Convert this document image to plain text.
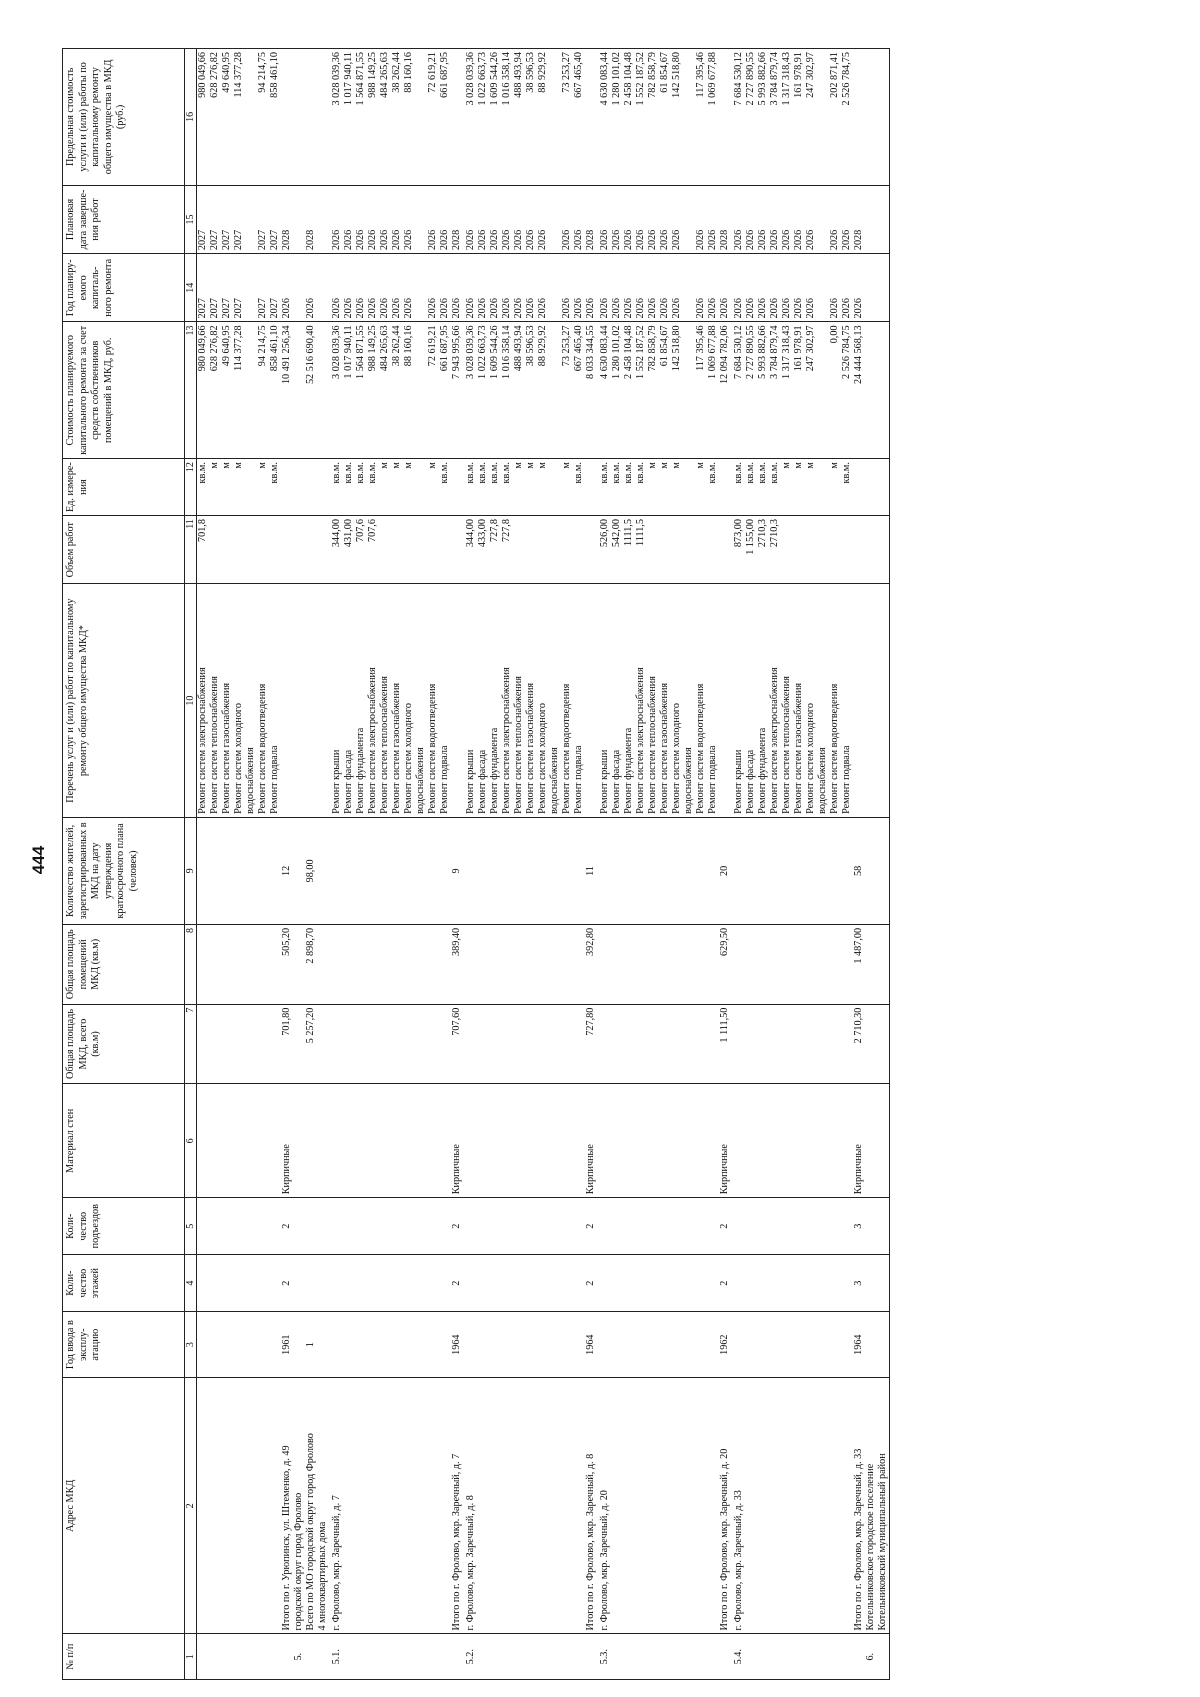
444
№ п/п	Адрес МКД	Год ввода в эксплу-атацию	Коли-чество этажей	Коли-чество подъездов	Материал стен	Общая площадь МКД, всего (кв.м)	Общая площадь помещений МКД (кв.м)	Количество жителей, зарегистрированных в МКД на дату утверждения краткосрочного плана (человек)	Перечень услуг и (или) работ по капитальному ремонту общего имущества МКД*	Объем работ	Ед. измере-ния	Стоимость планируемого капитального ремонта за счет средств собственников помещений в МКД, руб.	Год планиру-емого капиталь-ного ремонта	Плановая дата заверше-ния работ	Предельная стоимость услуги и (или) работы по капитальному ремонту общего имущества в МКД (руб.)
1	2	3	4	5	6	7	8	9	10	11	12	13	14	15	16
									Ремонт систем электроснабжения	701,8	кв.м.	980 049,66	2027	2027	980 049,66
									Ремонт систем теплоснабжения		м	628 276,82	2027	2027	628 276,82
									Ремонт систем газоснабжения		м	49 640,95	2027	2027	49 640,95
									Ремонт систем холодного		м	114 377,28	2027	2027	114 377,28
									водоснабжения						
									Ремонт систем водоотведения		м	94 214,75	2027	2027	94 214,75
									Ремонт подвала		кв.м.	858 461,10	2027	2027	858 461,10
	Итого по г. Урюпинск, ул. Штеменко, д. 49	1961	2	2	Кирпичные	701,80	505,20	12				10 491 256,34	2026	2028	
5.	городской округ город Фролово														
	Всего по МО городской округ город Фролово	1				5 257,20	2 898,70	98,00				52 516 690,40	2026	2028	
	4 многоквартирных дома														
5.1.	г. Фролово, мкр. Заречный, д. 7								Ремонт крыши	344,00	кв.м.	3 028 039,36	2026	2026	3 028 039,36
									Ремонт фасада	431,00	кв.м.	1 017 940,11	2026	2026	1 017 940,11
									Ремонт фундамента	707,6	кв.м.	1 564 871,55	2026	2026	1 564 871,55
									Ремонт систем электроснабжения	707,6	кв.м.	988 149,25	2026	2026	988 149,25
									Ремонт систем теплоснабжения		м	484 265,63	2026	2026	484 265,63
									Ремонт систем газоснабжения		м	38 262,44	2026	2026	38 262,44
									Ремонт систем холодного		м	88 160,16	2026	2026	88 160,16
									водоснабжения						
									Ремонт систем водоотведения		м	72 619,21	2026	2026	72 619,21
									Ремонт подвала		кв.м.	661 687,95	2026	2026	661 687,95
	Итого по г. Фролово, мкр. Заречный, д. 7	1964	2	2	Кирпичные	707,60	389,40	9				7 943 995,66	2026	2028	
5.2.	г. Фролово, мкр. Заречный, д. 8								Ремонт крыши	344,00	кв.м.	3 028 039,36	2026	2026	3 028 039,36
									Ремонт фасада	433,00	кв.м.	1 022 663,73	2026	2026	1 022 663,73
									Ремонт фундамента	727,8	кв.м.	1 609 544,26	2026	2026	1 609 544,26
									Ремонт систем электроснабжения	727,8	кв.м.	1 016 358,14	2026	2026	1 016 358,14
									Ремонт систем теплоснабжения		м	488 493,94	2026	2026	488 493,94
									Ремонт систем газоснабжения		м	38 596,53	2026	2026	38 596,53
									Ремонт систем холодного		м	88 929,92	2026	2026	88 929,92
									водоснабжения						
									Ремонт систем водоотведения		м	73 253,27	2026	2026	73 253,27
									Ремонт подвала		кв.м.	667 465,40	2026	2026	667 465,40
	Итого по г. Фролово, мкр. Заречный, д. 8	1964	2	2	Кирпичные	727,80	392,80	11				8 033 344,55	2026	2028	
5.3.	г. Фролово, мкр. Заречный, д. 20								Ремонт крыши	526,00	кв.м.	4 630 083,44	2026	2026	4 630 083,44
									Ремонт фасада	542,00	кв.м.	1 280 101,02	2026	2026	1 280 101,02
									Ремонт фундамента	1111,5	кв.м.	2 458 104,48	2026	2026	2 458 104,48
									Ремонт систем электроснабжения	1111,5	кв.м.	1 552 187,52	2026	2026	1 552 187,52
									Ремонт систем теплоснабжения		м	782 858,79	2026	2026	782 858,79
									Ремонт систем газоснабжения		м	61 854,67	2026	2026	61 854,67
									Ремонт систем холодного		м	142 518,80	2026	2026	142 518,80
									водоснабжения						
									Ремонт систем водоотведения		м	117 395,46	2026	2026	117 395,46
									Ремонт подвала		кв.м.	1 069 677,88	2026	2026	1 069 677,88
	Итого по г. Фролово, мкр. Заречный, д. 20	1962	2	2	Кирпичные	1 111,50	629,50	20				12 094 782,06	2026	2028	
5.4.	г. Фролово, мкр. Заречный, д. 33								Ремонт крыши	873,00	кв.м.	7 684 530,12	2026	2026	7 684 530,12
									Ремонт фасада	1 155,00	кв.м.	2 727 890,55	2026	2026	2 727 890,55
									Ремонт фундамента	2710,3	кв.м.	5 993 882,66	2026	2026	5 993 882,66
									Ремонт систем электроснабжения	2710,3	кв.м.	3 784 879,74	2026	2026	3 784 879,74
									Ремонт систем теплоснабжения		м	1 317 318,43	2026	2026	1 317 318,43
									Ремонт систем газоснабжения		м	161 978,91	2026	2026	161 978,91
									Ремонт систем холодного		м	247 302,97	2026	2026	247 302,97
									водоснабжения						
									Ремонт систем водоотведения		м	0,00	2026	2026	202 871,41
									Ремонт подвала		кв.м.	2 526 784,75	2026	2026	2 526 784,75
	Итого по г. Фролово, мкр. Заречный, д. 33	1964	3	3	Кирпичные	2 710,30	1 487,00	58				24 444 568,13	2026	2028	
6.	Котельниковское городское поселение														
	Котельниковский муниципальный район														
